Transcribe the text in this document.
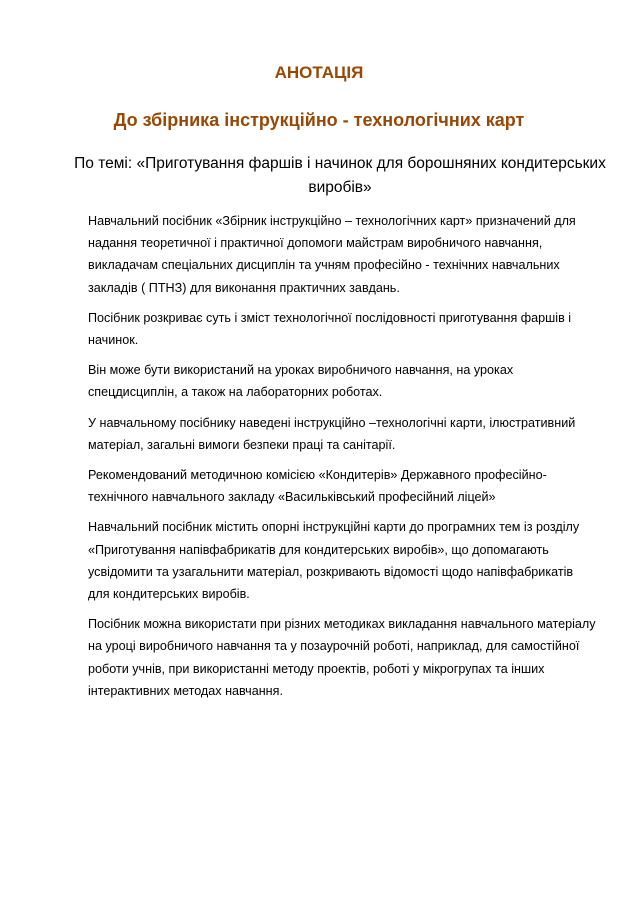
АНОТАЦІЯ
До збірника інструкційно - технологічних карт
По темі: «Приготування фаршів і начинок для борошняних кондитерських виробів»

Навчальний посібник «Збірник інструкційно – технологічних карт» призначений для надання теоретичної і практичної допомоги майстрам виробничого навчання, викладачам спеціальних дисциплін та учням професійно - технічних навчальних закладів ( ПТНЗ) для виконання практичних завдань.

Посібник розкриває суть і зміст технологічної послідовності приготування фаршів і начинок.

Він може бути використаний на уроках виробничого навчання, на уроках спецдисциплін, а також на лабораторних роботах.

У навчальному посібнику наведені інструкційно –технологічні карти, ілюстративний матеріал, загальні вимоги безпеки праці та санітарії.

Рекомендований методичною комісією «Кондитерів» Державного професійно-технічного навчального закладу «Васильківський професійний ліцей»

Навчальний посібник містить опорні інструкційні карти до програмних тем із розділу «Приготування напівфабрикатів для кондитерських виробів», що допомагають усвідомити та узагальнити матеріал, розкривають відомості щодо напівфабрикатів для кондитерських виробів.

Посібник можна використати при різних методиках викладання навчального матеріалу на уроці виробничого навчання та у позаурочній роботі, наприклад, для самостійної роботи учнів, при використанні методу проектів, роботі у мікрогрупах та інших інтерактивних методах навчання.
